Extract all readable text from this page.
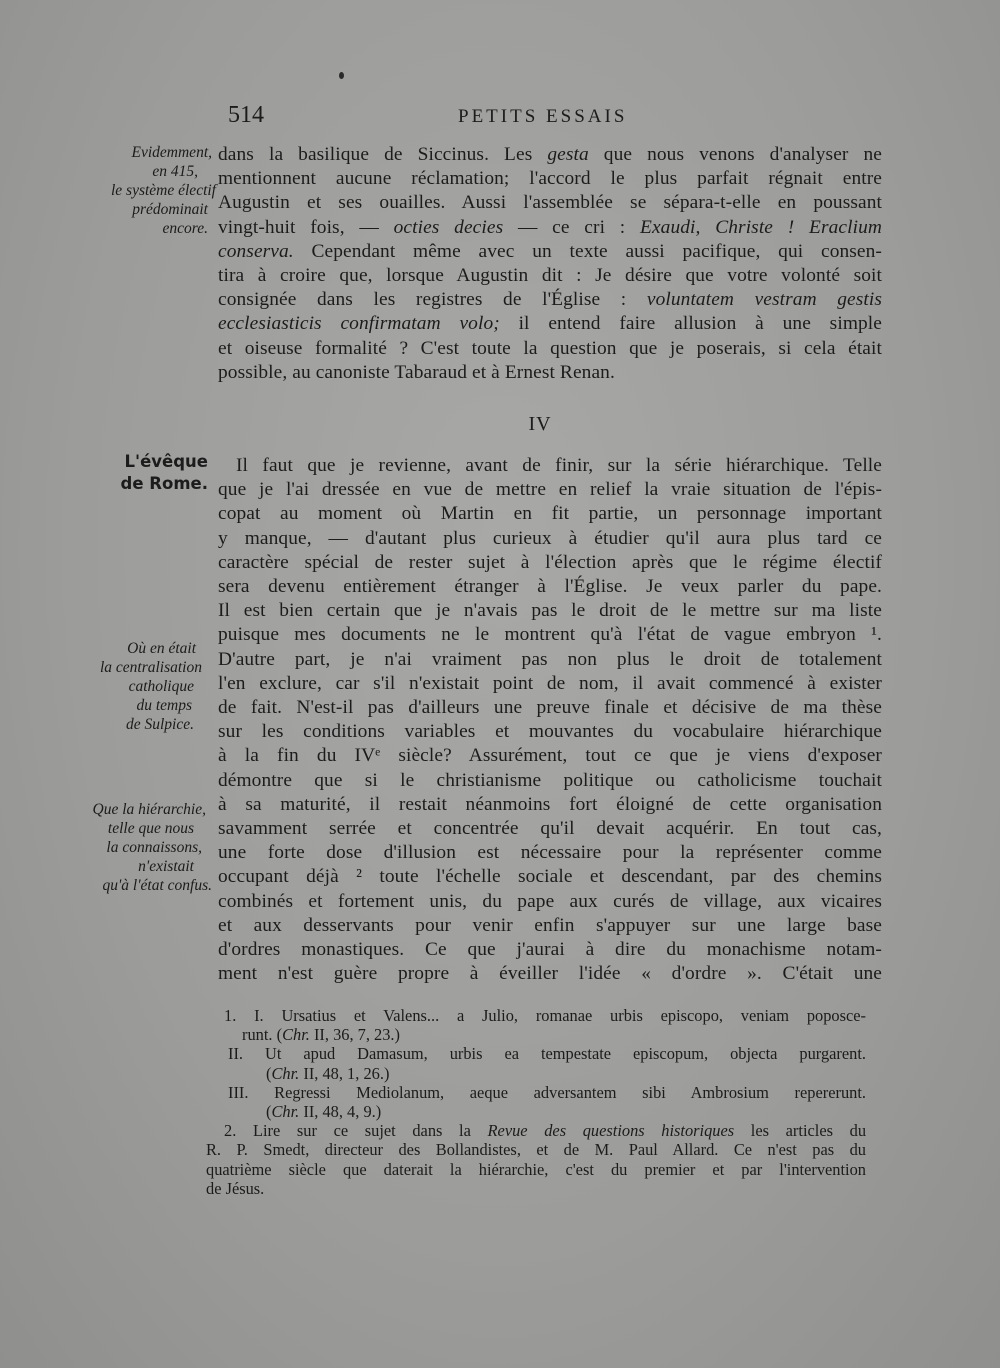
514	PETITS ESSAIS
Evidemment,
en 415,
le système électif
prédominait
encore.
L'évêque
de Rome.
Où en était
la centralisation
catholique
du temps
de Sulpice.
Que la hiérarchie,
telle que nous
la connaissons,
n'existait
qu'à l'état confus.
dans la basilique de Siccinus. Les gesta que nous venons d'analyser ne
mentionnent aucune réclamation; l'accord le plus parfait régnait entre
Augustin et ses ouailles. Aussi l'assemblée se sépara-t-elle en poussant
vingt-huit fois, — octies decies — ce cri : Exaudi, Christe ! Eraclium
conserva. Cependant même avec un texte aussi pacifique, qui consen-
tira à croire que, lorsque Augustin dit : Je désire que votre volonté soit
consignée dans les registres de l'Église : voluntatem vestram gestis
ecclesiasticis confirmatam volo; il entend faire allusion à une simple
et oiseuse formalité ? C'est toute la question que je poserais, si cela était
possible, au canoniste Tabaraud et à Ernest Renan.
IV
Il faut que je revienne, avant de finir, sur la série hiérarchique. Telle
que je l'ai dressée en vue de mettre en relief la vraie situation de l'épis-
copat au moment où Martin en fit partie, un personnage important
y manque, — d'autant plus curieux à étudier qu'il aura plus tard ce
caractère spécial de rester sujet à l'élection après que le régime électif
sera devenu entièrement étranger à l'Église. Je veux parler du pape.
Il est bien certain que je n'avais pas le droit de le mettre sur ma liste
puisque mes documents ne le montrent qu'à l'état de vague embryon ¹.
D'autre part, je n'ai vraiment pas non plus le droit de totalement
l'en exclure, car s'il n'existait point de nom, il avait commencé à exister
de fait. N'est-il pas d'ailleurs une preuve finale et décisive de ma thèse
sur les conditions variables et mouvantes du vocabulaire hiérarchique
à la fin du IVᵉ siècle? Assurément, tout ce que je viens d'exposer
démontre que si le christianisme politique ou catholicisme touchait
à sa maturité, il restait néanmoins fort éloigné de cette organisation
savamment serrée et concentrée qu'il devait acquérir. En tout cas,
une forte dose d'illusion est nécessaire pour la représenter comme
occupant déjà ² toute l'échelle sociale et descendant, par des chemins
combinés et fortement unis, du pape aux curés de village, aux vicaires
et aux desservants pour venir enfin s'appuyer sur une large base
d'ordres monastiques. Ce que j'aurai à dire du monachisme notam-
ment n'est guère propre à éveiller l'idée « d'ordre ». C'était une
1. I. Ursatius et Valens... a Julio, romanae urbis episcopo, veniam poposce-
runt. (Chr. II, 36, 7, 23.)
II. Ut apud Damasum, urbis ea tempestate episcopum, objecta purgarent.
(Chr. II, 48, 1, 26.)
III. Regressi Mediolanum, aeque adversantem sibi Ambrosium repererunt.
(Chr. II, 48, 4, 9.)
2. Lire sur ce sujet dans la Revue des questions historiques les articles du
R. P. Smedt, directeur des Bollandistes, et de M. Paul Allard. Ce n'est pas du
quatrième siècle que daterait la hiérarchie, c'est du premier et par l'intervention
de Jésus.
